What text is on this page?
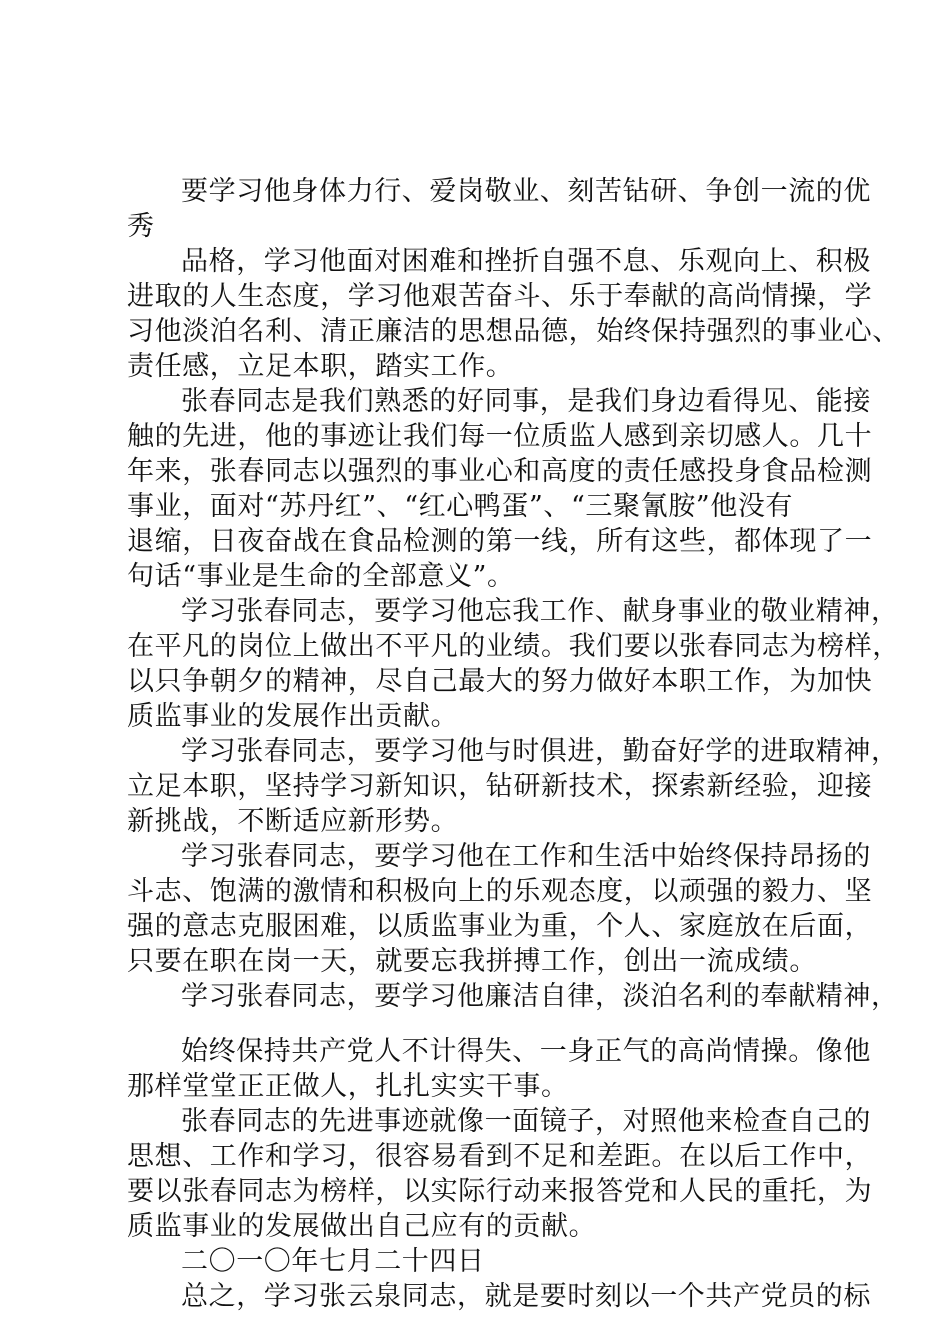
要学习他身体力行、爱岗敬业、刻苦钻研、争创一流的优
秀
品格，学习他面对困难和挫折自强不息、乐观向上、积极
进取的人生态度，学习他艰苦奋斗、乐于奉献的高尚情操，学
习他淡泊名利、清正廉洁的思想品德，始终保持强烈的事业心、
责任感，立足本职，踏实工作。
张春同志是我们熟悉的好同事，是我们身边看得见、能接
触的先进，他的事迹让我们每一位质监人感到亲切感人。几十
年来，张春同志以强烈的事业心和高度的责任感投身食品检测
事业，面对“苏丹红”、“红心鸭蛋”、“三聚氰胺”他没有
退缩，日夜奋战在食品检测的第一线，所有这些，都体现了一
句话“事业是生命的全部意义”。
学习张春同志，要学习他忘我工作、献身事业的敬业精神，
在平凡的岗位上做出不平凡的业绩。我们要以张春同志为榜样，
以只争朝夕的精神，尽自己最大的努力做好本职工作，为加快
质监事业的发展作出贡献。
学习张春同志，要学习他与时俱进，勤奋好学的进取精神，
立足本职，坚持学习新知识，钻研新技术，探索新经验，迎接
新挑战，不断适应新形势。
学习张春同志，要学习他在工作和生活中始终保持昂扬的
斗志、饱满的激情和积极向上的乐观态度，以顽强的毅力、坚
强的意志克服困难，以质监事业为重，个人、家庭放在后面，
只要在职在岗一天，就要忘我拼搏工作，创出一流成绩。
学习张春同志，要学习他廉洁自律，淡泊名利的奉献精神，
始终保持共产党人不计得失、一身正气的高尚情操。像他
那样堂堂正正做人，扎扎实实干事。
张春同志的先进事迹就像一面镜子，对照他来检查自己的
思想、工作和学习，很容易看到不足和差距。在以后工作中，
要以张春同志为榜样，以实际行动来报答党和人民的重托，为
质监事业的发展做出自己应有的贡献。
二〇一〇年七月二十四日
总之，学习张云泉同志，就是要时刻以一个共产党员的标
